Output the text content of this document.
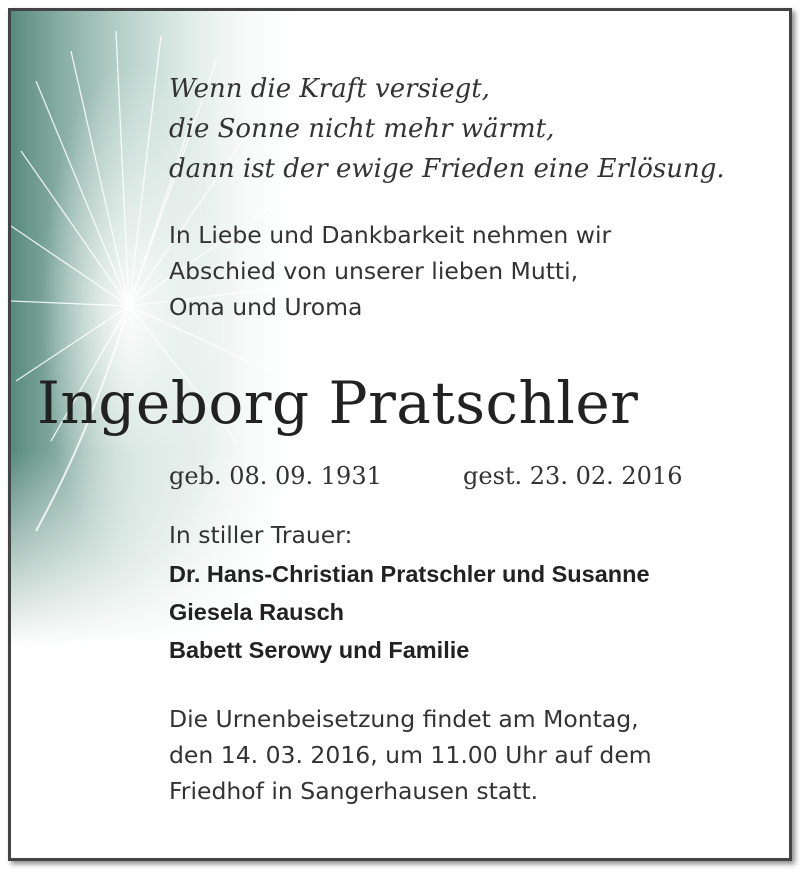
Wenn die Kraft versiegt,
die Sonne nicht mehr wärmt,
dann ist der ewige Frieden eine Erlösung.
In Liebe und Dankbarkeit nehmen wir
Abschied von unserer lieben Mutti,
Oma und Uroma
Ingeborg Pratschler
geb. 08. 09. 1931	gest. 23. 02. 2016
In stiller Trauer:
Dr. Hans-Christian Pratschler und Susanne
Giesela Rausch
Babett Serowy und Familie
Die Urnenbeisetzung findet am Montag,
den 14. 03. 2016, um 11.00 Uhr auf dem
Friedhof in Sangerhausen statt.
